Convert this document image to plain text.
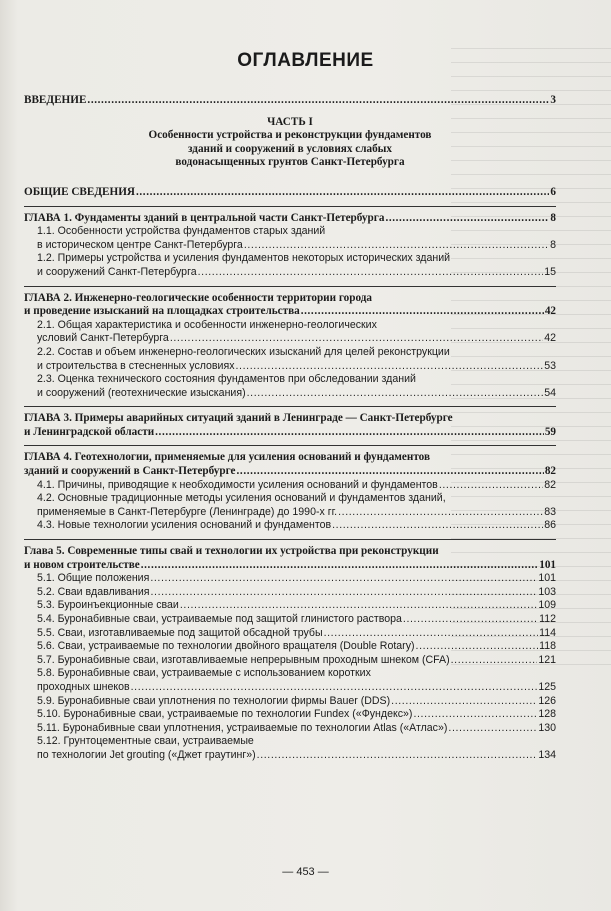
ОГЛАВЛЕНИЕ
ВВЕДЕНИЕ .....	3
ЧАСТЬ I
Особенности устройства и реконструкции фундаментов
зданий и сооружений в условиях слабых
водонасыщенных грунтов Санкт-Петербурга
ОБЩИЕ СВЕДЕНИЯ .....	6
ГЛАВА 1. Фундаменты зданий в центральной части Санкт-Петербурга .....	8
1.1. Особенности устройства фундаментов старых зданий
в историческом центре Санкт-Петербурга .....	8
1.2. Примеры устройства и усиления фундаментов некоторых исторических зданий
и сооружений Санкт-Петербурга .....	15
ГЛАВА 2. Инженерно-геологические особенности территории города
и проведение изысканий на площадках строительства .....	42
2.1. Общая характеристика и особенности инженерно-геологических
условий Санкт-Петербурга .....	42
2.2. Состав и объем инженерно-геологических изысканий для целей реконструкции
и строительства в стесненных условиях .....	53
2.3. Оценка технического состояния фундаментов при обследовании зданий
и сооружений (геотехнические изыскания) .....	54
ГЛАВА 3. Примеры аварийных ситуаций зданий в Ленинграде — Санкт-Петербурге
и Ленинградской области .....	59
ГЛАВА 4. Геотехнологии, применяемые для усиления оснований и фундаментов
зданий и сооружений в Санкт-Петербурге .....	82
4.1. Причины, приводящие к необходимости усиления оснований и фундаментов .....	82
4.2. Основные традиционные методы усиления оснований и фундаментов зданий,
применяемые в Санкт-Петербурге (Ленинграде) до 1990-х гг. .....	83
4.3. Новые технологии усиления оснований и фундаментов .....	86
Глава 5. Современные типы свай и технологии их устройства при реконструкции
и новом строительстве .....	101
5.1. Общие положения .....	101
5.2. Сваи вдавливания .....	103
5.3. Буроинъекционные сваи .....	109
5.4. Буронабивные сваи, устраиваемые под защитой глинистого раствора .....	112
5.5. Сваи, изготавливаемые под защитой обсадной трубы .....	114
5.6. Сваи, устраиваемые по технологии двойного вращателя (Double Rotary) .....	118
5.7. Буронабивные сваи, изготавливаемые непрерывным проходным шнеком (CFA) .....	121
5.8. Буронабивные сваи, устраиваемые с использованием коротких
проходных шнеков .....	125
5.9. Буронабивные сваи уплотнения по технологии фирмы Bauer (DDS) .....	126
5.10. Буронабивные сваи, устраиваемые по технологии Fundex («Фундекс») .....	128
5.11. Буронабивные сваи уплотнения, устраиваемые по технологии Atlas («Атлас») .....	130
5.12. Грунтоцементные сваи, устраиваемые
по технологии Jet grouting («Джет граутинг») .....	134
— 453 —
